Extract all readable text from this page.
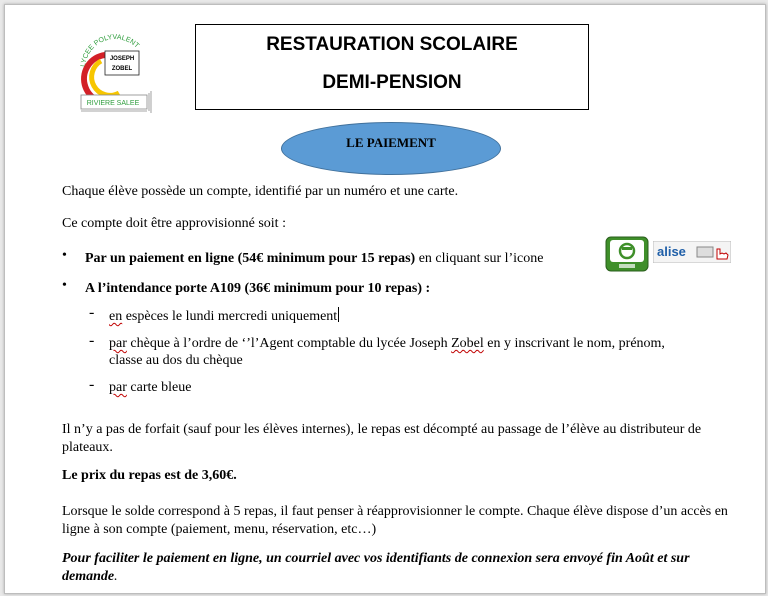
LYCEE POLYVALENT
JOSEPH
ZOBEL
RIVIERE SALEE
RESTAURATION SCOLAIRE
DEMI-PENSION
LE PAIEMENT
Chaque élève possède un compte, identifié par un numéro et une carte.
Ce compte doit être approvisionné soit :
• Par un paiement en ligne (54€ minimum pour 15 repas) en cliquant sur l’icone	alise
• A l’intendance porte A109 (36€ minimum pour 10 repas) :
- en espèces le lundi mercredi uniquement
- par chèque à l’ordre de ‘’l’Agent comptable du lycée Joseph Zobel en y inscrivant le nom, prénom,
classe au dos du chèque
- par carte bleue
Il n’y a pas de forfait (sauf pour les élèves internes), le repas est décompté au passage de l’élève au distributeur de plateaux.
Le prix du repas est de 3,60€.
Lorsque le solde correspond à 5 repas, il faut penser à réapprovisionner le compte. Chaque élève dispose d’un accès en ligne à son compte (paiement, menu, réservation, etc…)
Pour faciliter le paiement en ligne, un courriel avec vos identifiants de connexion sera envoyé fin Août et sur demande.
